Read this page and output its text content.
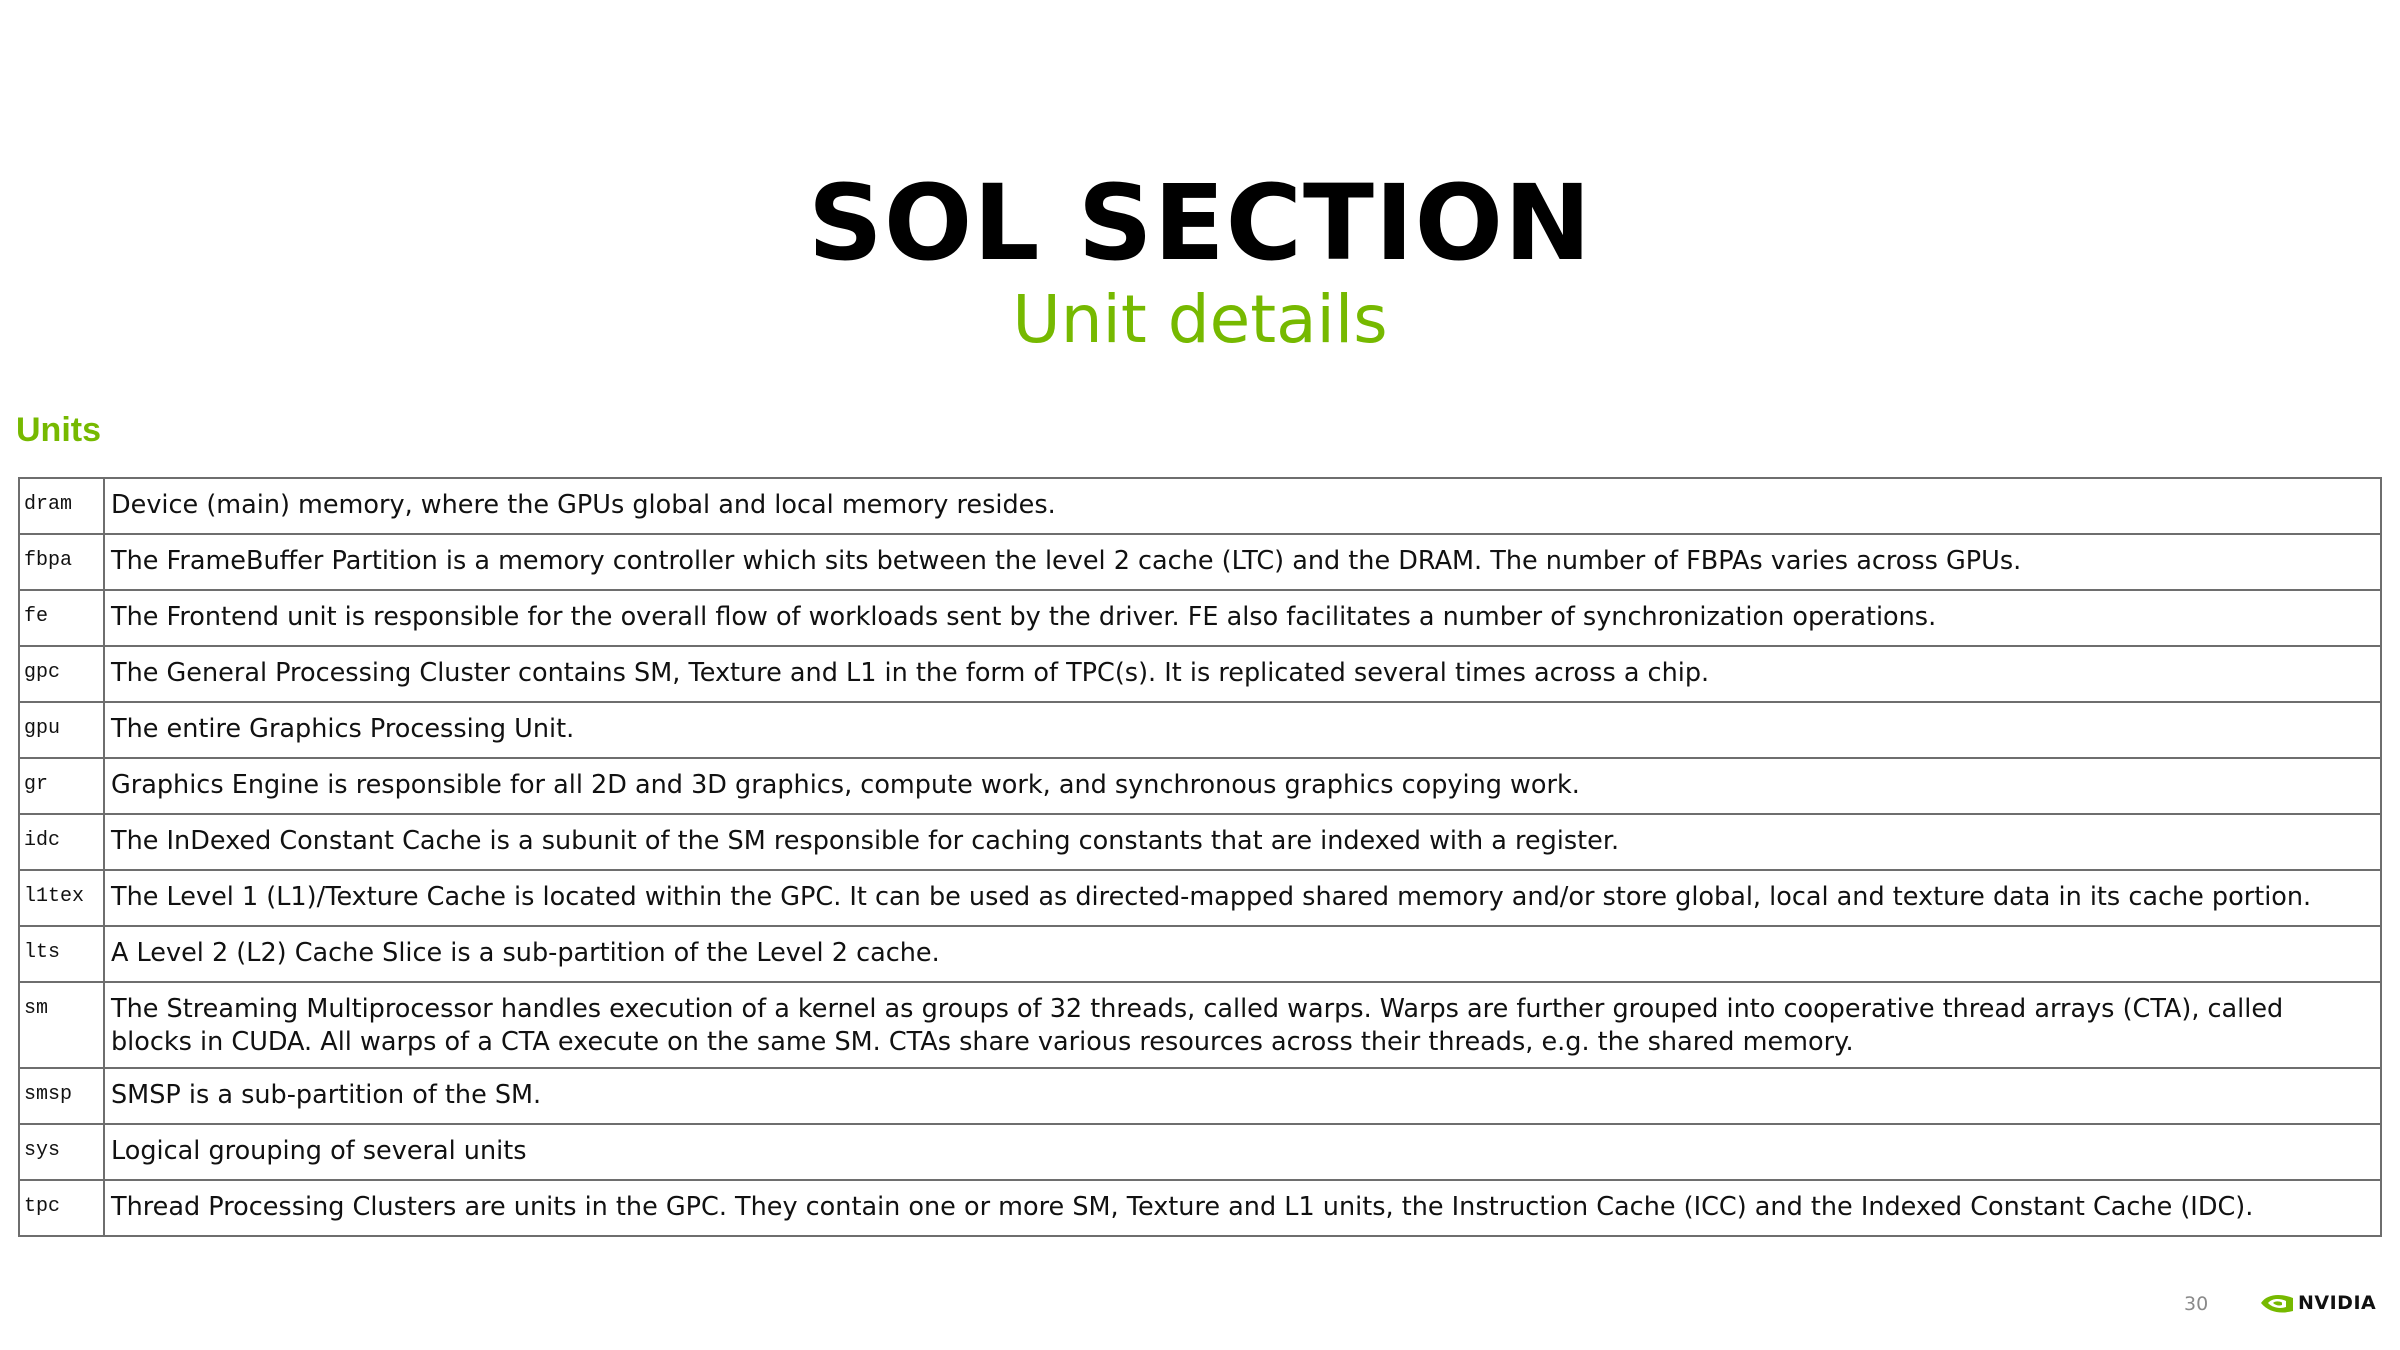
SOL SECTION
Unit details
Units
dram	Device (main) memory, where the GPUs global and local memory resides.
fbpa	The FrameBuffer Partition is a memory controller which sits between the level 2 cache (LTC) and the DRAM. The number of FBPAs varies across GPUs.
fe	The Frontend unit is responsible for the overall flow of workloads sent by the driver. FE also facilitates a number of synchronization operations.
gpc	The General Processing Cluster contains SM, Texture and L1 in the form of TPC(s). It is replicated several times across a chip.
gpu	The entire Graphics Processing Unit.
gr	Graphics Engine is responsible for all 2D and 3D graphics, compute work, and synchronous graphics copying work.
idc	The InDexed Constant Cache is a subunit of the SM responsible for caching constants that are indexed with a register.
l1tex	The Level 1 (L1)/Texture Cache is located within the GPC. It can be used as directed-mapped shared memory and/or store global, local and texture data in its cache portion.
lts	A Level 2 (L2) Cache Slice is a sub-partition of the Level 2 cache.
sm	The Streaming Multiprocessor handles execution of a kernel as groups of 32 threads, called warps. Warps are further grouped into cooperative thread arrays (CTA), called blocks in CUDA. All warps of a CTA execute on the same SM. CTAs share various resources across their threads, e.g. the shared memory.
smsp	SMSP is a sub-partition of the SM.
sys	Logical grouping of several units
tpc	Thread Processing Clusters are units in the GPC. They contain one or more SM, Texture and L1 units, the Instruction Cache (ICC) and the Indexed Constant Cache (IDC).
30	NVIDIA
